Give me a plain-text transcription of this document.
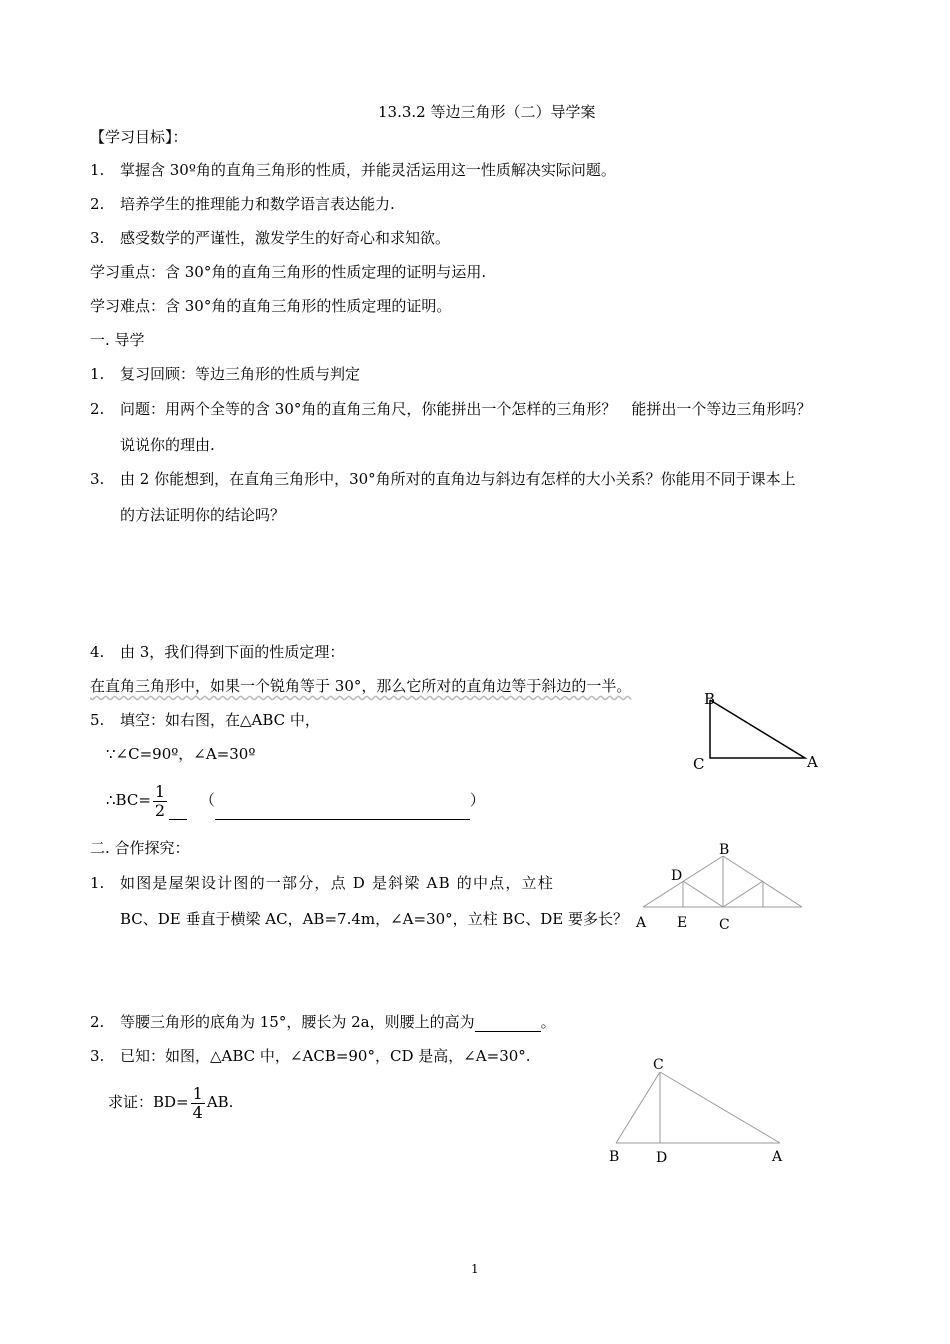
13.3.2 等边三角形（二）导学案
【学习目标】：
1. 掌握含 30º角的直角三角形的性质，并能灵活运用这一性质解决实际问题。
2. 培养学生的推理能力和数学语言表达能力.
3. 感受数学的严谨性，激发学生的好奇心和求知欲。
学习重点：含 30°角的直角三角形的性质定理的证明与运用.
学习难点：含 30°角的直角三角形的性质定理的证明。
一. 导学
1. 复习回顾：等边三角形的性质与判定
2. 问题：用两个全等的含 30°角的直角三角尺，你能拼出一个怎样的三角形？　能拼出一个等边三角形吗？
说说你的理由.
3. 由 2 你能想到，在直角三角形中，30°角所对的直角边与斜边有怎样的大小关系？你能用不同于课本上
的方法证明你的结论吗？
4. 由 3，我们得到下面的性质定理：
在直角三角形中，如果一个锐角等于 30°，那么它所对的直角边等于斜边的一半。
5. 填空：如右图，在△ABC 中，
∵∠C=90º，∠A=30º
∴BC= $\frac{1}{2}$ （	）
B
C	A
二. 合作探究：
1. 如图是屋架设计图的一部分，点 D 是斜梁 AB 的中点，立柱
BC、DE 垂直于横梁 AC，AB=7.4m，∠A=30°，立柱 BC、DE 要多长？
B
D
A E C
2. 等腰三角形的底角为 15°，腰长为 2a，则腰上的高为	。
3. 已知：如图，△ABC 中，∠ACB=90°，CD 是高，∠A=30°.
求证：$BD= \frac{1}{4}$ AB.
C
B	D	A
1
